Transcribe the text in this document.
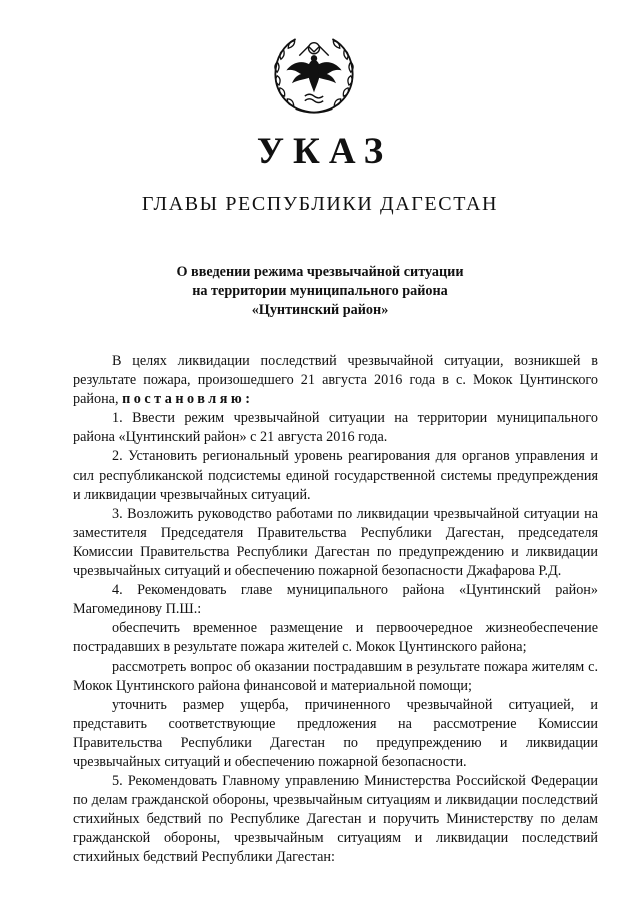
УКАЗ
ГЛАВЫ РЕСПУБЛИКИ ДАГЕСТАН
О введении режима чрезвычайной ситуации
на территории муниципального района
«Цунтинский район»

В целях ликвидации последствий чрезвычайной ситуации, возникшей в результате пожара, произошедшего 21 августа 2016 года в с. Мокок Цунтинского района, постановляю:

1. Ввести режим чрезвычайной ситуации на территории муниципального района «Цунтинский район» с 21 августа 2016 года.

2. Установить региональный уровень реагирования для органов управления и сил республиканской подсистемы единой государственной системы предупреждения и ликвидации чрезвычайных ситуаций.

3. Возложить руководство работами по ликвидации чрезвычайной ситуации на заместителя Председателя Правительства Республики Дагестан, председателя Комиссии Правительства Республики Дагестан по предупреждению и ликвидации чрезвычайных ситуаций и обеспечению пожарной безопасности Джафарова Р.Д.

4. Рекомендовать главе муниципального района «Цунтинский район» Магомединову П.Ш.:

обеспечить временное размещение и первоочередное жизнеобеспечение пострадавших в результате пожара жителей с. Мокок Цунтинского района;

рассмотреть вопрос об оказании пострадавшим в результате пожара жителям с. Мокок Цунтинского района финансовой и материальной помощи;

уточнить размер ущерба, причиненного чрезвычайной ситуацией, и представить соответствующие предложения на рассмотрение Комиссии Правительства Республики Дагестан по предупреждению и ликвидации чрезвычайных ситуаций и обеспечению пожарной безопасности.

5. Рекомендовать Главному управлению Министерства Российской Федерации по делам гражданской обороны, чрезвычайным ситуациям и ликвидации последствий стихийных бедствий по Республике Дагестан и поручить Министерству по делам гражданской обороны, чрезвычайным ситуациям и ликвидации последствий стихийных бедствий Республики Дагестан:
